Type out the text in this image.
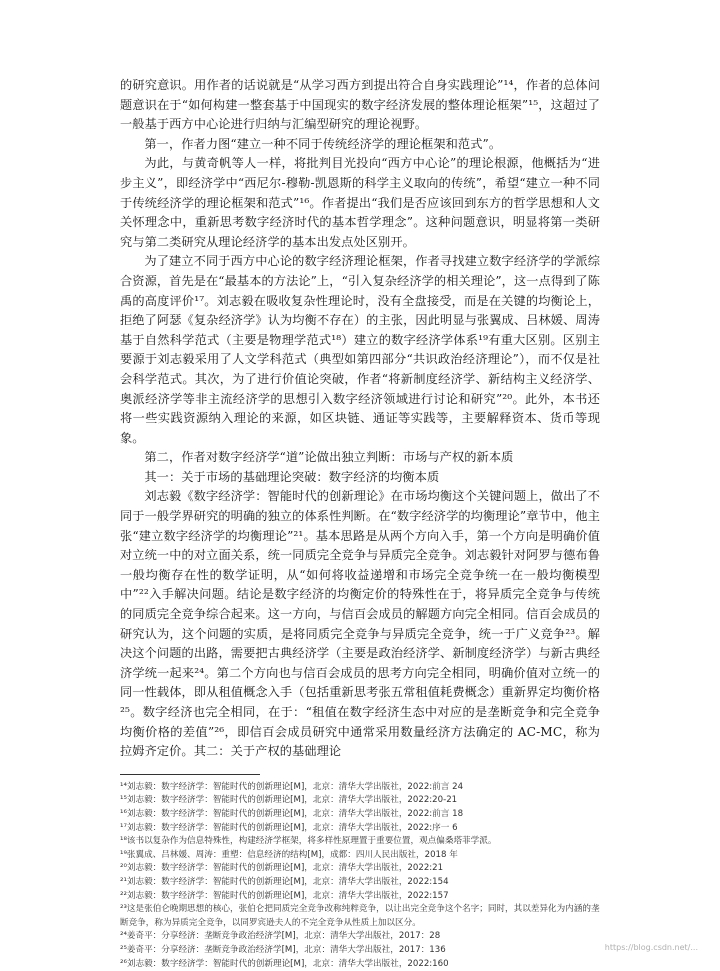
的研究意识。用作者的话说就是“从学习西方到提出符合自身实践理论”¹⁴，作者的总体问题意识在于“如何构建一整套基于中国现实的数字经济发展的整体理论框架”¹⁵，这超过了一般基于西方中心论进行归纳与汇编型研究的理论视野。

第一，作者力图“建立一种不同于传统经济学的理论框架和范式”。

为此，与黄奇帆等人一样，将批判目光投向“西方中心论”的理论根源，他概括为“进步主义”，即经济学中“西尼尔-穆勒-凯恩斯的科学主义取向的传统”，希望“建立一种不同于传统经济学的理论框架和范式”¹⁶。作者提出“我们是否应该回到东方的哲学思想和人文关怀理念中，重新思考数字经济时代的基本哲学理念”。这种问题意识，明显将第一类研究与第二类研究从理论经济学的基本出发点处区别开。

为了建立不同于西方中心论的数字经济理论框架，作者寻找建立数字经济学的学派综合资源，首先是在“最基本的方法论”上，“引入复杂经济学的相关理论”，这一点得到了陈禹的高度评价¹⁷。刘志毅在吸收复杂性理论时，没有全盘接受，而是在关键的均衡论上，拒绝了阿瑟《复杂经济学》认为均衡不存在）的主张，因此明显与张翼成、吕林媛、周涛基于自然科学范式（主要是物理学范式¹⁸）建立的数字经济学体系¹⁹有重大区别。区别主要源于刘志毅采用了人文学科范式（典型如第四部分“共识政治经济理论”），而不仅是社会科学范式。其次，为了进行价值论突破，作者“将新制度经济学、新结构主义经济学、奥派经济学等非主流经济学的思想引入数字经济领域进行讨论和研究”²⁰。此外，本书还将一些实践资源纳入理论的来源，如区块链、通证等实践等，主要解释资本、货币等现象。

第二，作者对数字经济学“道”论做出独立判断：市场与产权的新本质

其一：关于市场的基础理论突破：数字经济的均衡本质

刘志毅《数字经济学：智能时代的创新理论》在市场均衡这个关键问题上，做出了不同于一般学界研究的明确的独立的体系性判断。在“数字经济学的均衡理论”章节中，他主张“建立数字经济学的均衡理论”²¹。基本思路是从两个方向入手，第一个方向是明确价值对立统一中的对立面关系，统一同质完全竞争与异质完全竞争。刘志毅针对阿罗与德布鲁一般均衡存在性的数学证明，从“如何将收益递增和市场完全竞争统一在一般均衡模型中”²²入手解决问题。结论是数字经济的均衡定价的特殊性在于，将异质完全竞争与传统的同质完全竞争综合起来。这一方向，与信百会成员的解题方向完全相同。信百会成员的研究认为，这个问题的实质，是将同质完全竞争与异质完全竞争，统一于广义竞争²³。解决这个问题的出路，需要把古典经济学（主要是政治经济学、新制度经济学）与新古典经济学统一起来²⁴。第二个方向也与信百会成员的思考方向完全相同，明确价值对立统一的同一性载体，即从租值概念入手（包括重新思考张五常租值耗费概念）重新界定均衡价格²⁵。数字经济也完全相同，在于：“租值在数字经济生态中对应的是垄断竞争和完全竞争均衡价格的差值”²⁶，即信百会成员研究中通常采用数量经济方法确定的 AC-MC，称为拉姆齐定价。其二：关于产权的基础理论

¹⁴刘志毅：数字经济学：智能时代的创新理论[M]，北京：清华大学出版社，2022:前言 24
¹⁵刘志毅：数字经济学：智能时代的创新理论[M]，北京：清华大学出版社，2022:20-21
¹⁶刘志毅：数字经济学：智能时代的创新理论[M]，北京：清华大学出版社，2022:前言 18
¹⁷刘志毅：数字经济学：智能时代的创新理论[M]，北京：清华大学出版社，2022:序一 6
¹⁸该书以复杂作为信息特殊性，构建经济学框架，将多样性原理置于重要位置，观点偏桑塔菲学派。
¹⁹张翼成、吕林媛、周涛：重塑：信息经济的结构[M]，成都：四川人民出版社，2018 年
²⁰刘志毅：数字经济学：智能时代的创新理论[M]，北京：清华大学出版社，2022:21
²¹刘志毅：数字经济学：智能时代的创新理论[M]，北京：清华大学出版社，2022:154
²²刘志毅：数字经济学：智能时代的创新理论[M]，北京：清华大学出版社，2022:157
²³这是张伯仑晚期思想的核心，张伯仑把同质完全竞争改称纯粹竞争，以让出完全竞争这个名字；同时，其以差异化为内涵的垄断竞争，称为异质完全竞争，以同罗宾逊夫人的不完全竞争从性质上加以区分。
²⁴姜奇平：分享经济：垄断竞争政治经济学[M]，北京：清华大学出版社，2017：28
²⁵姜奇平：分享经济：垄断竞争政治经济学[M]，北京：清华大学出版社，2017：136
²⁶刘志毅：数字经济学：智能时代的创新理论[M]，北京：清华大学出版社，2022:160
https://blog.csdn.net/...
